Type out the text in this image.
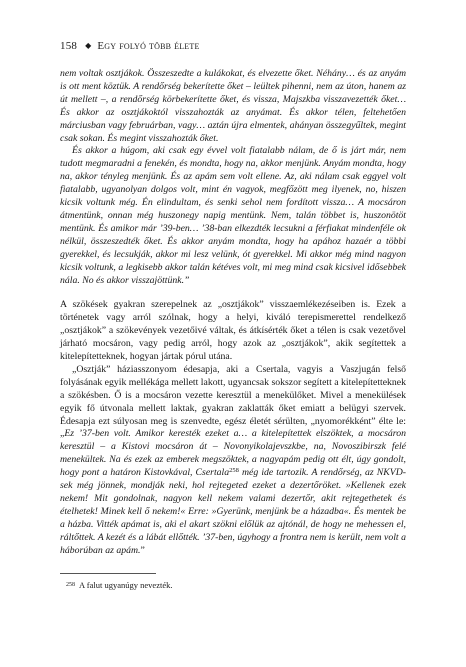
158 ◆ Egy folyó több élete

nem voltak osztjákok. Összeszedte a kulákokat, és elvezette őket. Néhány… és az anyám is ott ment köztük. A rendőrség bekerítette őket – leültek pihenni, nem az úton, hanem az út mellett –, a rendőrség körbekerítette őket, és vissza, Majszkba visszavezették őket… És akkor az osztjákoktól visszahozták az anyámat. És akkor télen, feltehetően márciusban vagy februárban, vagy… aztán újra elmentek, ahányan összegyűltek, megint csak sokan. És megint visszahozták őket.

És akkor a húgom, aki csak egy évvel volt fiatalabb nálam, de ő is járt már, nem tudott megmaradni a fenekén, és mondta, hogy na, akkor menjünk. Anyám mondta, hogy na, akkor tényleg menjünk. És az apám sem volt ellene. Az, aki nálam csak eggyel volt fiatalabb, ugyanolyan dolgos volt, mint én vagyok, megfőzött meg ilyenek, no, hiszen kicsik voltunk még. Én elindultam, és senki sehol nem fordított vissza… A mocsáron átmentünk, onnan még huszonegy napig mentünk. Nem, talán többet is, huszonötöt mentünk. És amikor már ’39-ben… ’38-ban elkezdték lecsukni a férfiakat mindenféle ok nélkül, összeszedték őket. És akkor anyám mondta, hogy ha apához hazaér a többi gyerekkel, és lecsukják, akkor mi lesz velünk, ót gyerekkel. Mi akkor még mind nagyon kicsik voltunk, a legkisebb akkor talán kétéves volt, mi meg mind csak kicsivel idősebbek nála. No és akkor visszajöttünk.”

A szökések gyakran szerepelnek az „osztjákok” visszaemlékezéseiben is. Ezek a történetek vagy arról szólnak, hogy a helyi, kiváló terepismerettel rendelkező „osztjákok” a szökevények vezetőivé váltak, és átkísérték őket a télen is csak vezetővel járható mocsáron, vagy pedig arról, hogy azok az „osztjákok”, akik segítettek a kitelepítetteknek, hogyan jártak pórul utána.

„Osztják” háziasszonyom édesapja, aki a Csertala, vagyis a Vaszjugán felső folyásának egyik mellékága mellett lakott, ugyancsak sokszor segített a kitelepítetteknek a szökésben. Ő is a mocsáron vezette keresztül a menekülőket. Mivel a menekülések egyik fő útvonala mellett laktak, gyakran zaklatták őket emiatt a belügyi szervek. Édesapja ezt súlyosan meg is szenvedte, egész életét sérülten, „nyomorékként” élte le: „Ez ’37-ben volt. Amikor keresték ezeket a… a kitelepítettek elszöktek, a mocsáron keresztül – a Kistovi mocsáron át – Novonyikolajevszkbe, na, Novoszibirszk felé menekültek. Na és ezek az emberek megszöktek, a nagyapám pedig ott élt, úgy gondolt, hogy pont a határon Kistovkával, Csertala$^{258}$ még ide tartozik. A rendőrség, az NKVD-sek még jönnek, mondják neki, hol rejtegeted ezeket a dezertőröket. »Kellenek ezek nekem! Mit gondolnak, nagyon kell nekem valami dezertőr, akit rejtegethetek és ételhetek! Minek kell ő nekem!« Erre: »Gyerünk, menjünk be a házadba«. És mentek be a házba. Vitték apámat is, aki el akart szökni előlük az ajtónál, de hogy ne mehessen el, ráltőttek. A kezét és a lábát ellőtték. ’37-ben, úgyhogy a frontra nem is került, nem volt a háborúban az apám.”

$^{258}$ A falut ugyanúgy nevezték.
